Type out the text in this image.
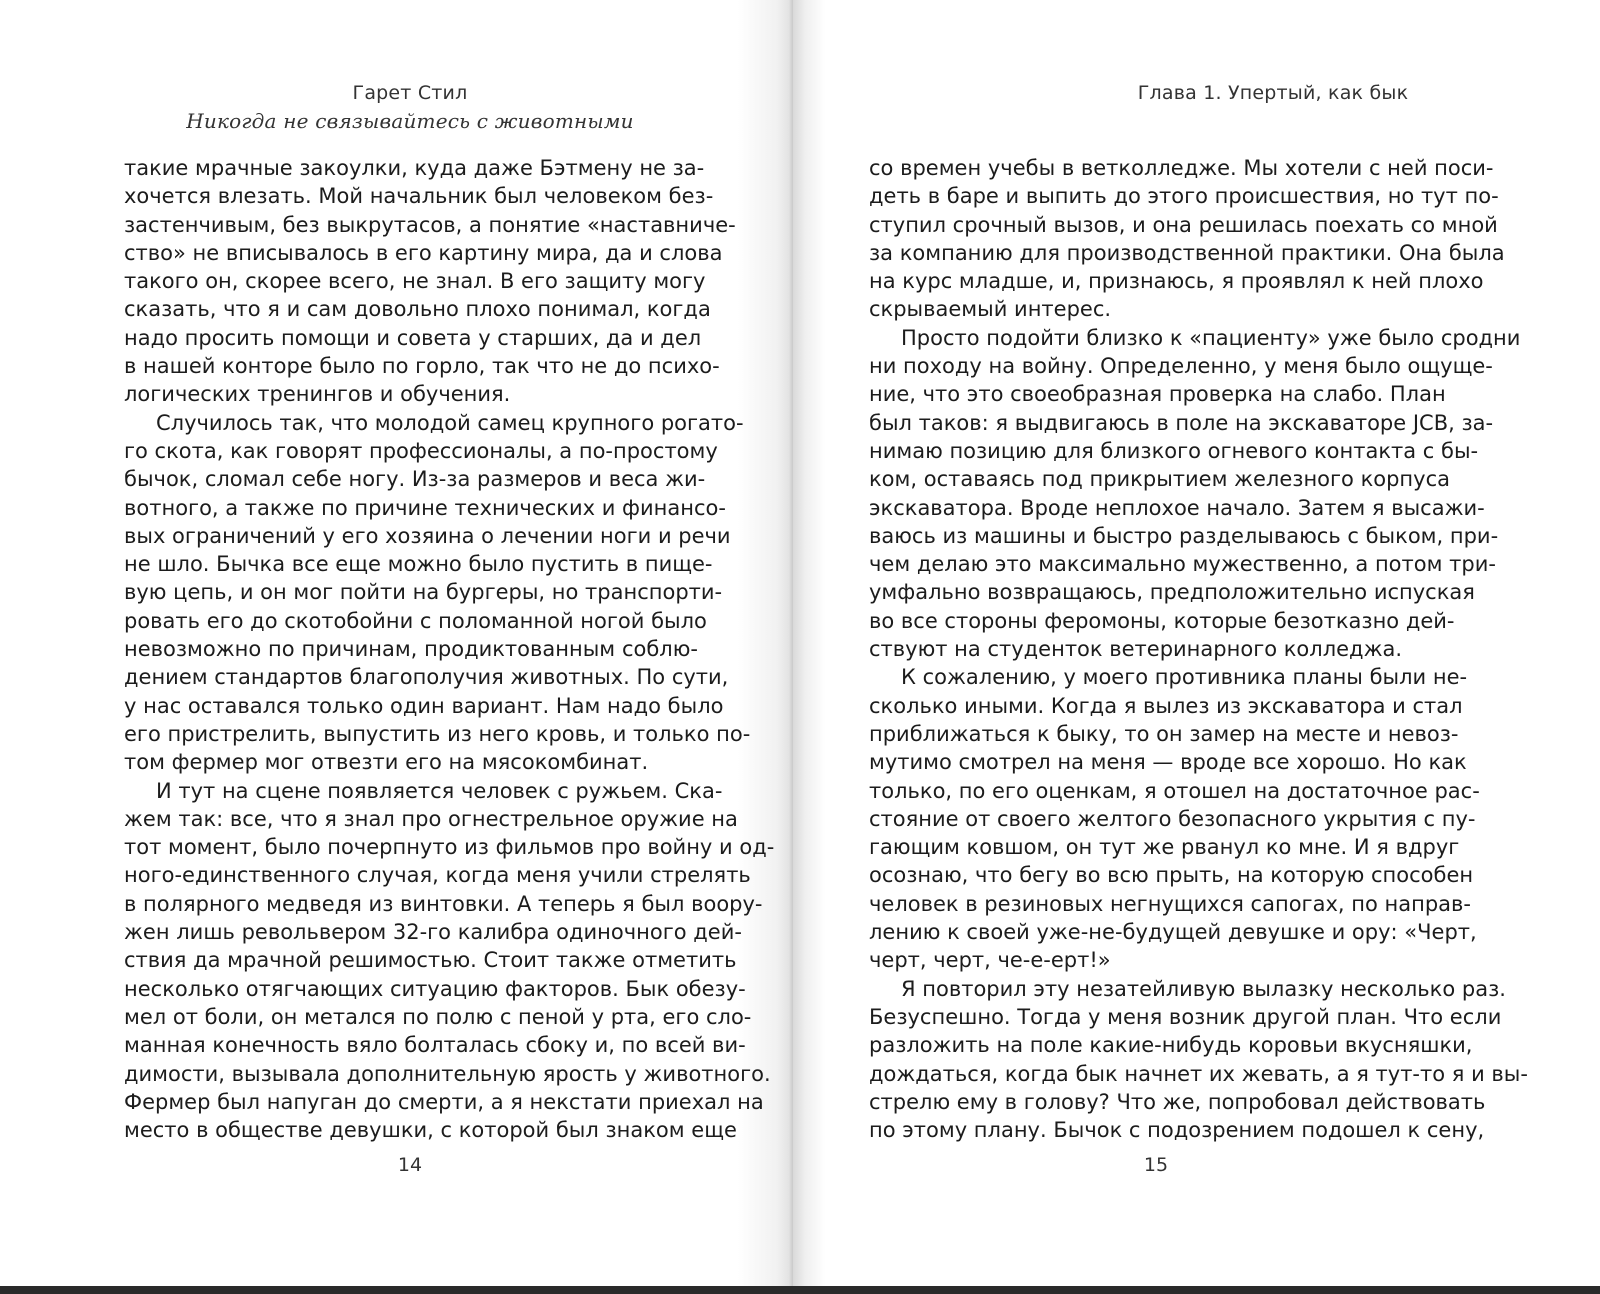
Гарет Стил
Никогда не связывайтесь с животными
такие мрачные закоулки, куда даже Бэтмену не за-
хочется влезать. Мой начальник был человеком без-
застенчивым, без выкрутасов, а понятие «наставниче-
ство» не вписывалось в его картину мира, да и слова
такого он, скорее всего, не знал. В его защиту могу
сказать, что я и сам довольно плохо понимал, когда
надо просить помощи и совета у старших, да и дел
в нашей конторе было по горло, так что не до психо-
логических тренингов и обучения.
Случилось так, что молодой самец крупного рогато-
го скота, как говорят профессионалы, а по-простому
бычок, сломал себе ногу. Из-за размеров и веса жи-
вотного, а также по причине технических и финансо-
вых ограничений у его хозяина о лечении ноги и речи
не шло. Бычка все еще можно было пустить в пище-
вую цепь, и он мог пойти на бургеры, но транспорти-
ровать его до скотобойни с поломанной ногой было
невозможно по причинам, продиктованным соблю-
дением стандартов благополучия животных. По сути,
у нас оставался только один вариант. Нам надо было
его пристрелить, выпустить из него кровь, и только по-
том фермер мог отвезти его на мясокомбинат.
И тут на сцене появляется человек с ружьем. Ска-
жем так: все, что я знал про огнестрельное оружие на
тот момент, было почерпнуто из фильмов про войну и од-
ного-единственного случая, когда меня учили стрелять
в полярного медведя из винтовки. А теперь я был воору-
жен лишь револьвером 32-го калибра одиночного дей-
ствия да мрачной решимостью. Стоит также отметить
несколько отягчающих ситуацию факторов. Бык обезу-
мел от боли, он метался по полю с пеной у рта, его сло-
манная конечность вяло болталась сбоку и, по всей ви-
димости, вызывала дополнительную ярость у животного.
Фермер был напуган до смерти, а я некстати приехал на
место в обществе девушки, с которой был знаком еще
14
Глава 1. Упертый, как бык
со времен учебы в ветколледже. Мы хотели с ней поси-
деть в баре и выпить до этого происшествия, но тут по-
ступил срочный вызов, и она решилась поехать со мной
за компанию для производственной практики. Она была
на курс младше, и, признаюсь, я проявлял к ней плохо
скрываемый интерес.
Просто подойти близко к «пациенту» уже было сродни
ни походу на войну. Определенно, у меня было ощуще-
ние, что это своеобразная проверка на слабо. План
был таков: я выдвигаюсь в поле на экскаваторе JCB, за-
нимаю позицию для близкого огневого контакта с бы-
ком, оставаясь под прикрытием железного корпуса
экскаватора. Вроде неплохое начало. Затем я высажи-
ваюсь из машины и быстро разделываюсь с быком, при-
чем делаю это максимально мужественно, а потом три-
умфально возвращаюсь, предположительно испуская
во все стороны феромоны, которые безотказно дей-
ствуют на студенток ветеринарного колледжа.
К сожалению, у моего противника планы были не-
сколько иными. Когда я вылез из экскаватора и стал
приближаться к быку, то он замер на месте и невоз-
мутимо смотрел на меня — вроде все хорошо. Но как
только, по его оценкам, я отошел на достаточное рас-
стояние от своего желтого безопасного укрытия с пу-
гающим ковшом, он тут же рванул ко мне. И я вдруг
осознаю, что бегу во всю прыть, на которую способен
человек в резиновых негнущихся сапогах, по направ-
лению к своей уже-не-будущей девушке и ору: «Черт,
черт, черт, че-е-ерт!»
Я повторил эту незатейливую вылазку несколько раз.
Безуспешно. Тогда у меня возник другой план. Что если
разложить на поле какие-нибудь коровьи вкусняшки,
дождаться, когда бык начнет их жевать, а я тут-то я и вы-
стрелю ему в голову? Что же, попробовал действовать
по этому плану. Бычок с подозрением подошел к сену,
15
